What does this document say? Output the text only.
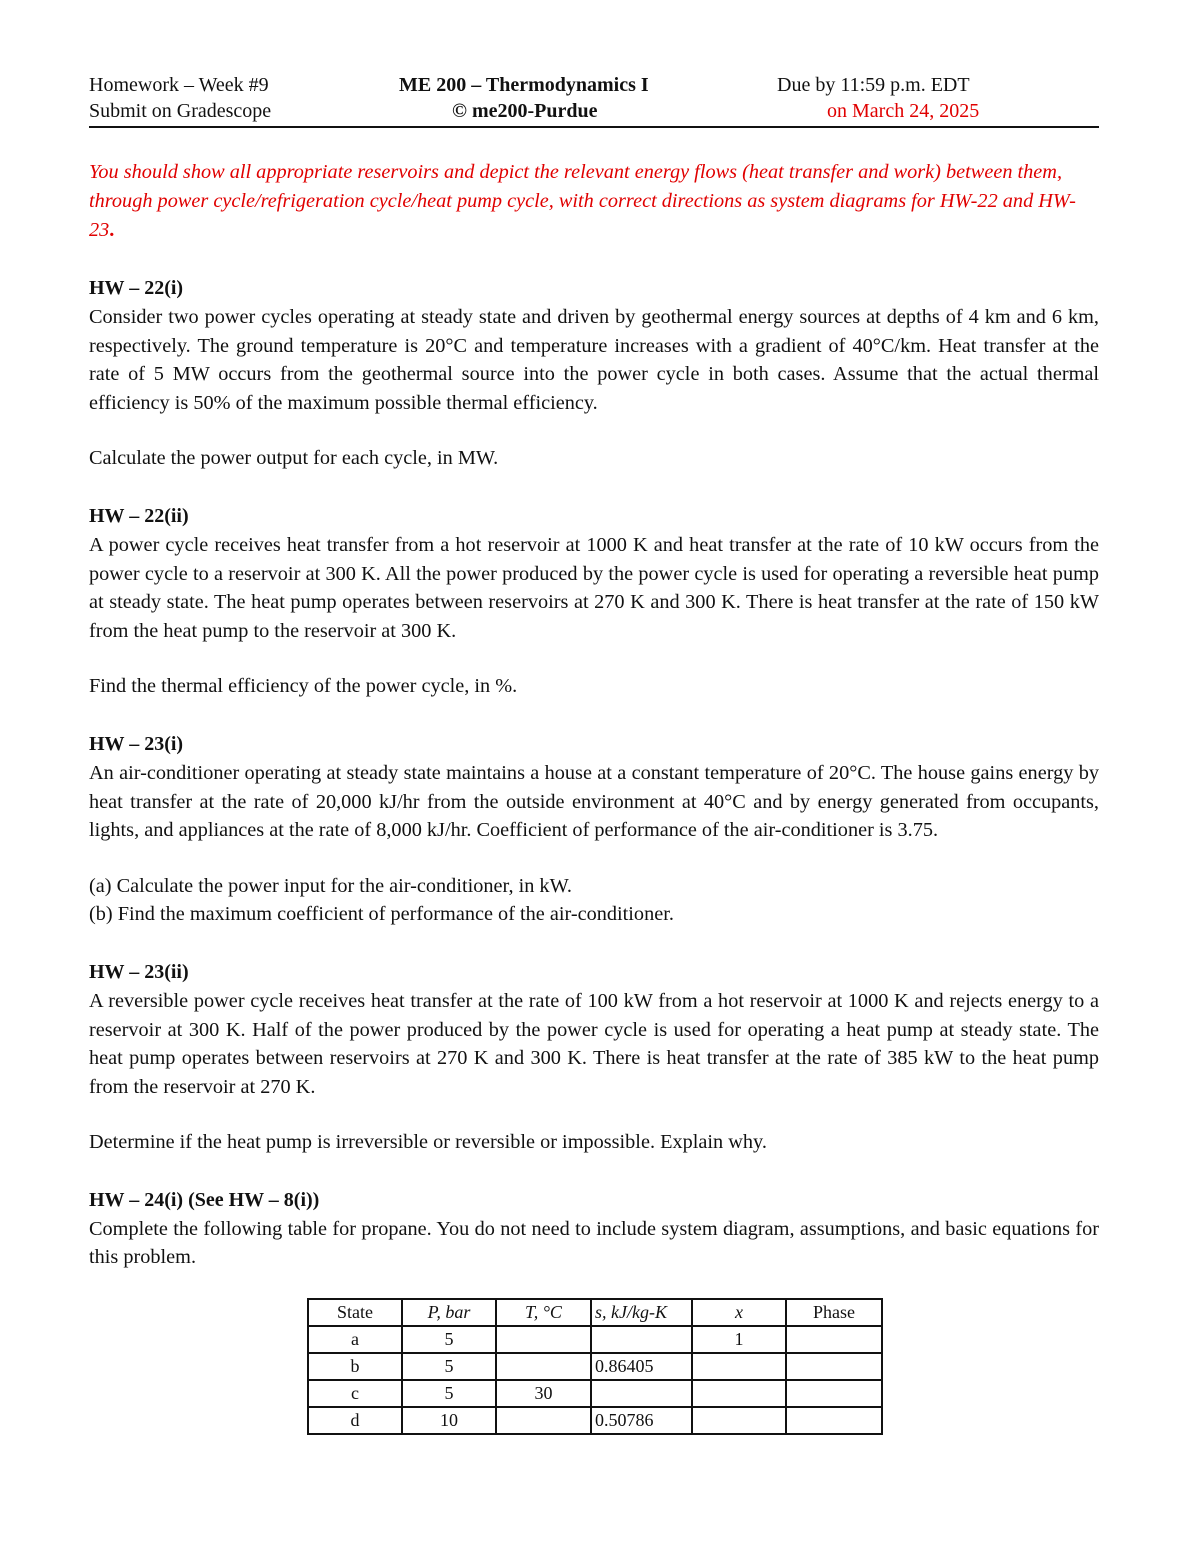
Homework – Week #9
Submit on Gradescope
ME 200 – Thermodynamics I
© me200-Purdue
Due by 11:59 p.m. EDT
on March 24, 2025
You should show all appropriate reservoirs and depict the relevant energy flows (heat transfer and work) between them, through power cycle/refrigeration cycle/heat pump cycle, with correct directions as system diagrams for HW-22 and HW-23.
HW – 22(i)

Consider two power cycles operating at steady state and driven by geothermal energy sources at depths of 4 km and 6 km, respectively. The ground temperature is 20°C and temperature increases with a gradient of 40°C/km. Heat transfer at the rate of 5 MW occurs from the geothermal source into the power cycle in both cases. Assume that the actual thermal efficiency is 50% of the maximum possible thermal efficiency.

Calculate the power output for each cycle, in MW.

HW – 22(ii)

A power cycle receives heat transfer from a hot reservoir at 1000 K and heat transfer at the rate of 10 kW occurs from the power cycle to a reservoir at 300 K. All the power produced by the power cycle is used for operating a reversible heat pump at steady state. The heat pump operates between reservoirs at 270 K and 300 K. There is heat transfer at the rate of 150 kW from the heat pump to the reservoir at 300 K.

Find the thermal efficiency of the power cycle, in %.

HW – 23(i)

An air-conditioner operating at steady state maintains a house at a constant temperature of 20°C. The house gains energy by heat transfer at the rate of 20,000 kJ/hr from the outside environment at 40°C and by energy generated from occupants, lights, and appliances at the rate of 8,000 kJ/hr. Coefficient of performance of the air-conditioner is 3.75.

(a) Calculate the power input for the air-conditioner, in kW.

(b) Find the maximum coefficient of performance of the air-conditioner.

HW – 23(ii)

A reversible power cycle receives heat transfer at the rate of 100 kW from a hot reservoir at 1000 K and rejects energy to a reservoir at 300 K. Half of the power produced by the power cycle is used for operating a heat pump at steady state. The heat pump operates between reservoirs at 270 K and 300 K. There is heat transfer at the rate of 385 kW to the heat pump from the reservoir at 270 K.

Determine if the heat pump is irreversible or reversible or impossible. Explain why.

HW – 24(i) (See HW – 8(i))

Complete the following table for propane. You do not need to include system diagram, assumptions, and basic equations for this problem.

State	P, bar	T, °C	s, kJ/kg-K	x	Phase
a	5			1	
b	5		0.86405		
c	5	30			
d	10		0.50786		
